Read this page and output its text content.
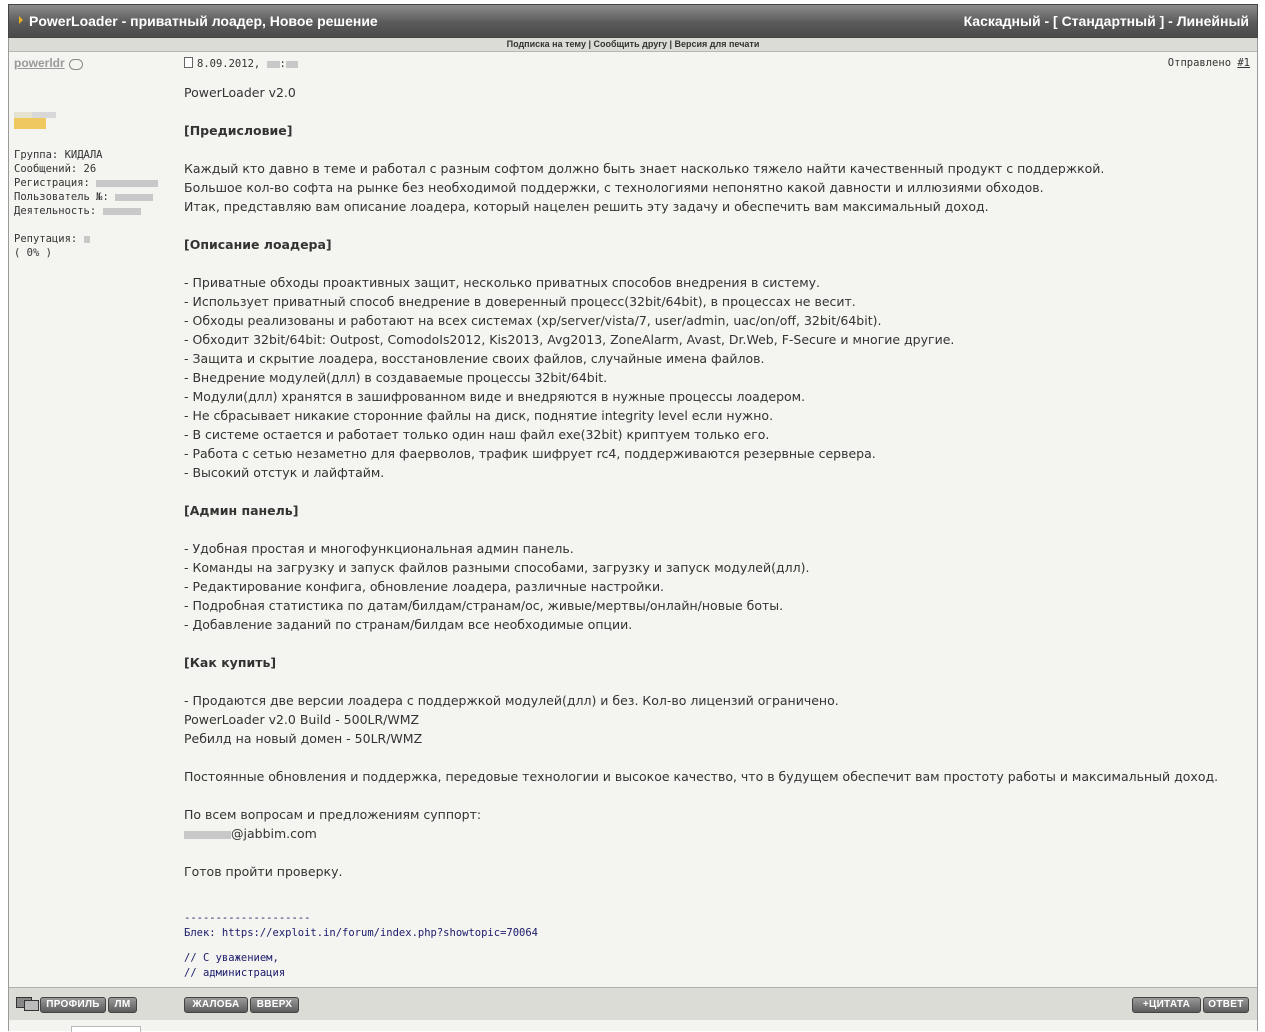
PowerLoader - приватный лоадер, Новое решение	Каскадный - [ Стандартный ] - Линейный
Подписка на тему | Сообщить другу | Версия для печати
powerldr
Группа: КИДАЛА
Сообщений: 26
Регистрация:
Пользователь №:
Деятельность:
Репутация:
( 0% )
8.09.2012, :	Отправлено #1

PowerLoader v2.0

[Предисловие]

Каждый кто давно в теме и работал с разным софтом должно быть знает насколько тяжело найти качественный продукт с поддержкой.

Большое кол-во софта на рынке без необходимой поддержки, с технологиями непонятно какой давности и иллюзиями обходов.

Итак, представляю вам описание лоадера, который нацелен решить эту задачу и обеспечить вам максимальный доход.

[Описание лоадера]

- Приватные обходы проактивных защит, несколько приватных способов внедрения в систему.

- Использует приватный способ внедрение в доверенный процесс(32bit/64bit), в процессах не весит.

- Обходы реализованы и работают на всех системах (xp/server/vista/7, user/admin, uac/on/off, 32bit/64bit).

- Обходит 32bit/64bit: Outpost, ComodoIs2012, Kis2013, Avg2013, ZoneAlarm, Avast, Dr.Web, F-Secure и многие другие.

- Защита и скрытие лоадера, восстановление своих файлов, случайные имена файлов.

- Внедрение модулей(длл) в создаваемые процессы 32bit/64bit.

- Модули(длл) хранятся в зашифрованном виде и внедряются в нужные процессы лоадером.

- Не сбрасывает никакие сторонние файлы на диск, поднятие integrity level если нужно.

- В системе остается и работает только один наш файл exe(32bit) криптуем только его.

- Работа с сетью незаметно для фаерволов, трафик шифрует rc4, поддерживаются резервные сервера.

- Высокий отстук и лайфтайм.

[Админ панель]

- Удобная простая и многофункциональная админ панель.

- Команды на загрузку и запуск файлов разными способами, загрузку и запуск модулей(длл).

- Редактирование конфига, обновление лоадера, различные настройки.

- Подробная статистика по датам/билдам/странам/ос, живые/мертвы/онлайн/новые боты.

- Добавление заданий по странам/билдам все необходимые опции.

[Как купить]

- Продаются две версии лоадера с поддержкой модулей(длл) и без. Кол-во лицензий ограничено.

PowerLoader v2.0 Build - 500LR/WMZ

Ребилд на новый домен - 50LR/WMZ

Постоянные обновления и поддержка, передовые технологии и высокое качество, что в будущем обеспечит вам простоту работы и максимальный доход.

По всем вопросам и предложениям суппорт:

@jabbim.com

Готов пройти проверку.

--------------------
Блек: https://exploit.in/forum/index.php?showtopic=70064
// С уважением,
// администрация
ПРОФИЛЬ	ЛМ	ЖАЛОБА	ВВЕРХ	+ЦИТАТА	ОТВЕТ
